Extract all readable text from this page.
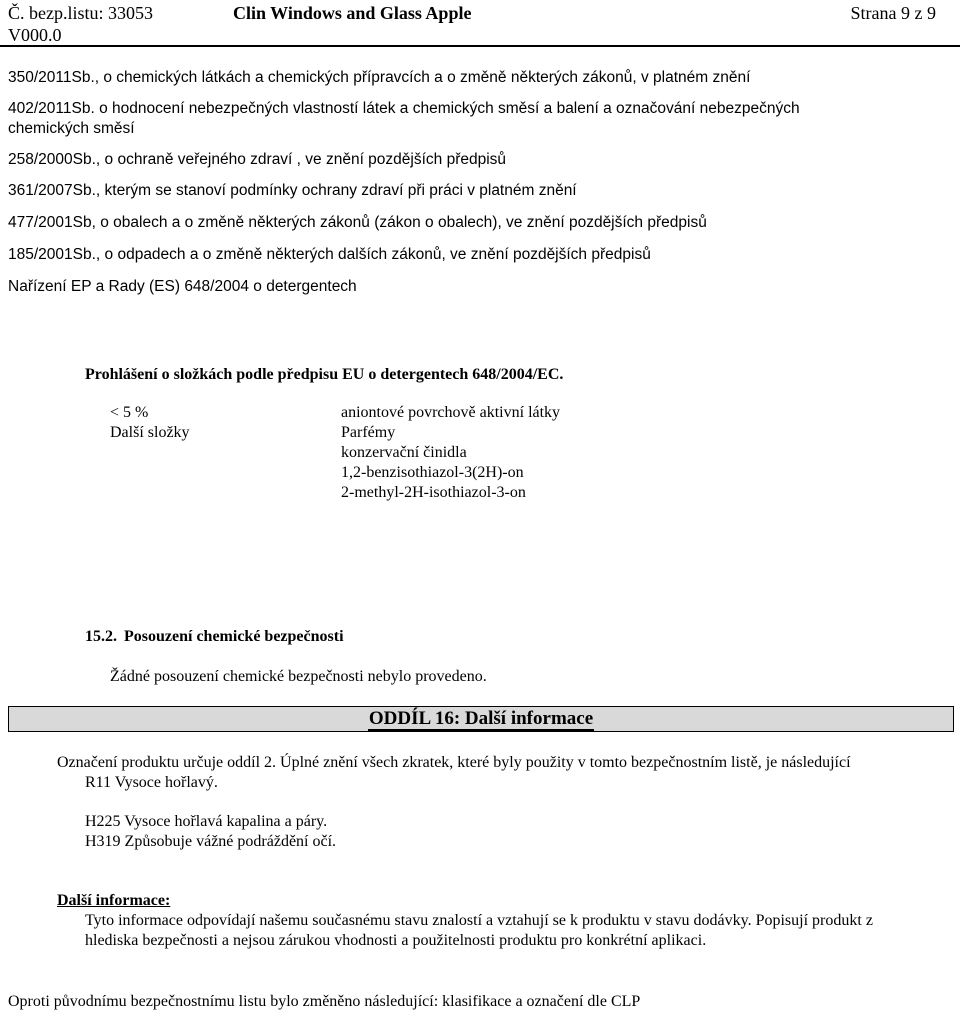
Č. bezp.listu: 33053
V000.0
Clin Windows and Glass Apple	Strana 9 z 9
350/2011Sb., o chemických látkách a chemických přípravcích a o změně některých zákonů, v platném znění
402/2011Sb. o hodnocení nebezpečných vlastností látek a chemických směsí a balení a označování nebezpečných
chemických směsí
258/2000Sb., o ochraně veřejného zdraví , ve znění pozdějších předpisů
361/2007Sb., kterým se stanoví podmínky ochrany zdraví při práci v platném znění
477/2001Sb, o obalech a o změně některých zákonů (zákon o obalech), ve znění pozdějších předpisů
185/2001Sb., o odpadech a o změně některých dalších zákonů, ve znění pozdějších předpisů
Nařízení EP a Rady (ES) 648/2004 o detergentech
Prohlášení o složkách podle předpisu EU o detergentech 648/2004/EC.
< 5 %	aniontové povrchově aktivní látky
Další složky	Parfémy
konzervační činidla
1,2-benzisothiazol-3(2H)-on
2-methyl-2H-isothiazol-3-on
15.2. Posouzení chemické bezpečnosti
Žádné posouzení chemické bezpečnosti nebylo provedeno.
ODDÍL 16: Další informace
Označení produktu určuje oddíl 2. Úplné znění všech zkratek, které byly použity v tomto bezpečnostním listě, je následující
R11 Vysoce hořlavý.
H225 Vysoce hořlavá kapalina a páry.
H319 Způsobuje vážné podráždění očí.
Další informace:
Tyto informace odpovídají našemu současnému stavu znalostí a vztahují se k produktu v stavu dodávky. Popisují produkt z
hlediska bezpečnosti a nejsou zárukou vhodnosti a použitelnosti produktu pro konkrétní aplikaci.
Oproti původnímu bezpečnostnímu listu bylo změněno následující: klasifikace a označení dle CLP
